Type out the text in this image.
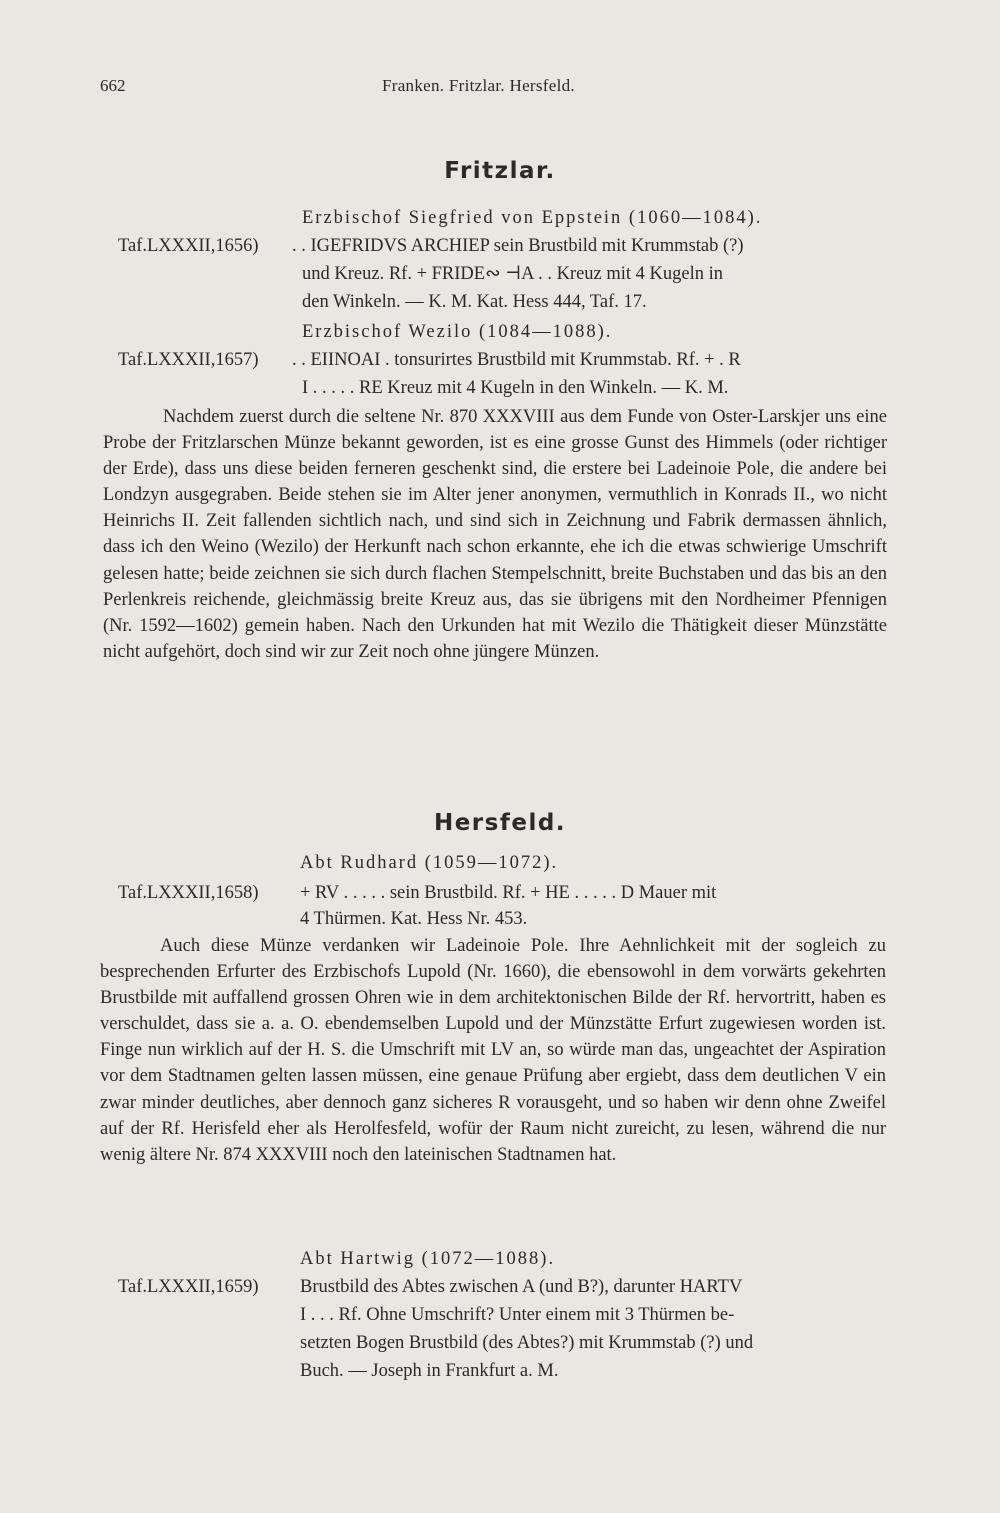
662	Franken. Fritzlar. Hersfeld.
Fritzlar.
Erzbischof Siegfried von Eppstein (1060—1084).
Taf.LXXXII,1656) . . IGEFRIDVS ARCHIEP sein Brustbild mit Krummstab (?)
und Kreuz. Rf. + FRIDE∾ ⊣A . . Kreuz mit 4 Kugeln in
den Winkeln. — K. M. Kat. Hess 444, Taf. 17.
Erzbischof Wezilo (1084—1088).
Taf.LXXXII,1657) . . EIINOAI . tonsurirtes Brustbild mit Krummstab. Rf. + . R
I . . . . . RE Kreuz mit 4 Kugeln in den Winkeln. — K. M.

Nachdem zuerst durch die seltene Nr. 870 XXXVIII aus dem Funde von Oster-Larskjer uns eine Probe der Fritzlarschen Münze bekannt geworden, ist es eine grosse Gunst des Himmels (oder richtiger der Erde), dass uns diese beiden ferneren geschenkt sind, die erstere bei Ladeinoie Pole, die andere bei Londzyn ausgegraben. Beide stehen sie im Alter jener anonymen, vermuthlich in Konrads II., wo nicht Heinrichs II. Zeit fallenden sichtlich nach, und sind sich in Zeichnung und Fabrik dermassen ähnlich, dass ich den Weino (Wezilo) der Herkunft nach schon erkannte, ehe ich die etwas schwierige Umschrift gelesen hatte; beide zeichnen sie sich durch flachen Stempelschnitt, breite Buchstaben und das bis an den Perlenkreis reichende, gleichmässig breite Kreuz aus, das sie übrigens mit den Nordheimer Pfennigen (Nr. 1592—1602) gemein haben. Nach den Urkunden hat mit Wezilo die Thätigkeit dieser Münzstätte nicht aufgehört, doch sind wir zur Zeit noch ohne jüngere Münzen.

Hersfeld.
Abt Rudhard (1059—1072).
Taf.LXXXII,1658) + RV . . . . . sein Brustbild. Rf. + HE . . . . . D Mauer mit
4 Thürmen. Kat. Hess Nr. 453.

Auch diese Münze verdanken wir Ladeinoie Pole. Ihre Aehnlichkeit mit der sogleich zu besprechenden Erfurter des Erzbischofs Lupold (Nr. 1660), die ebensowohl in dem vorwärts gekehrten Brustbilde mit auffallend grossen Ohren wie in dem architektonischen Bilde der Rf. hervortritt, haben es verschuldet, dass sie a. a. O. ebendemselben Lupold und der Münzstätte Erfurt zugewiesen worden ist. Finge nun wirklich auf der H. S. die Umschrift mit LV an, so würde man das, ungeachtet der Aspiration vor dem Stadtnamen gelten lassen müssen, eine genaue Prüfung aber ergiebt, dass dem deutlichen V ein zwar minder deutliches, aber dennoch ganz sicheres R vorausgeht, und so haben wir denn ohne Zweifel auf der Rf. Herisfeld eher als Herolfesfeld, wofür der Raum nicht zureicht, zu lesen, während die nur wenig ältere Nr. 874 XXXVIII noch den lateinischen Stadtnamen hat.

Abt Hartwig (1072—1088).
Taf.LXXXII,1659) Brustbild des Abtes zwischen A (und B?), darunter HARTV
I . . . Rf. Ohne Umschrift? Unter einem mit 3 Thürmen be-
setzten Bogen Brustbild (des Abtes?) mit Krummstab (?) und
Buch. — Joseph in Frankfurt a. M.
